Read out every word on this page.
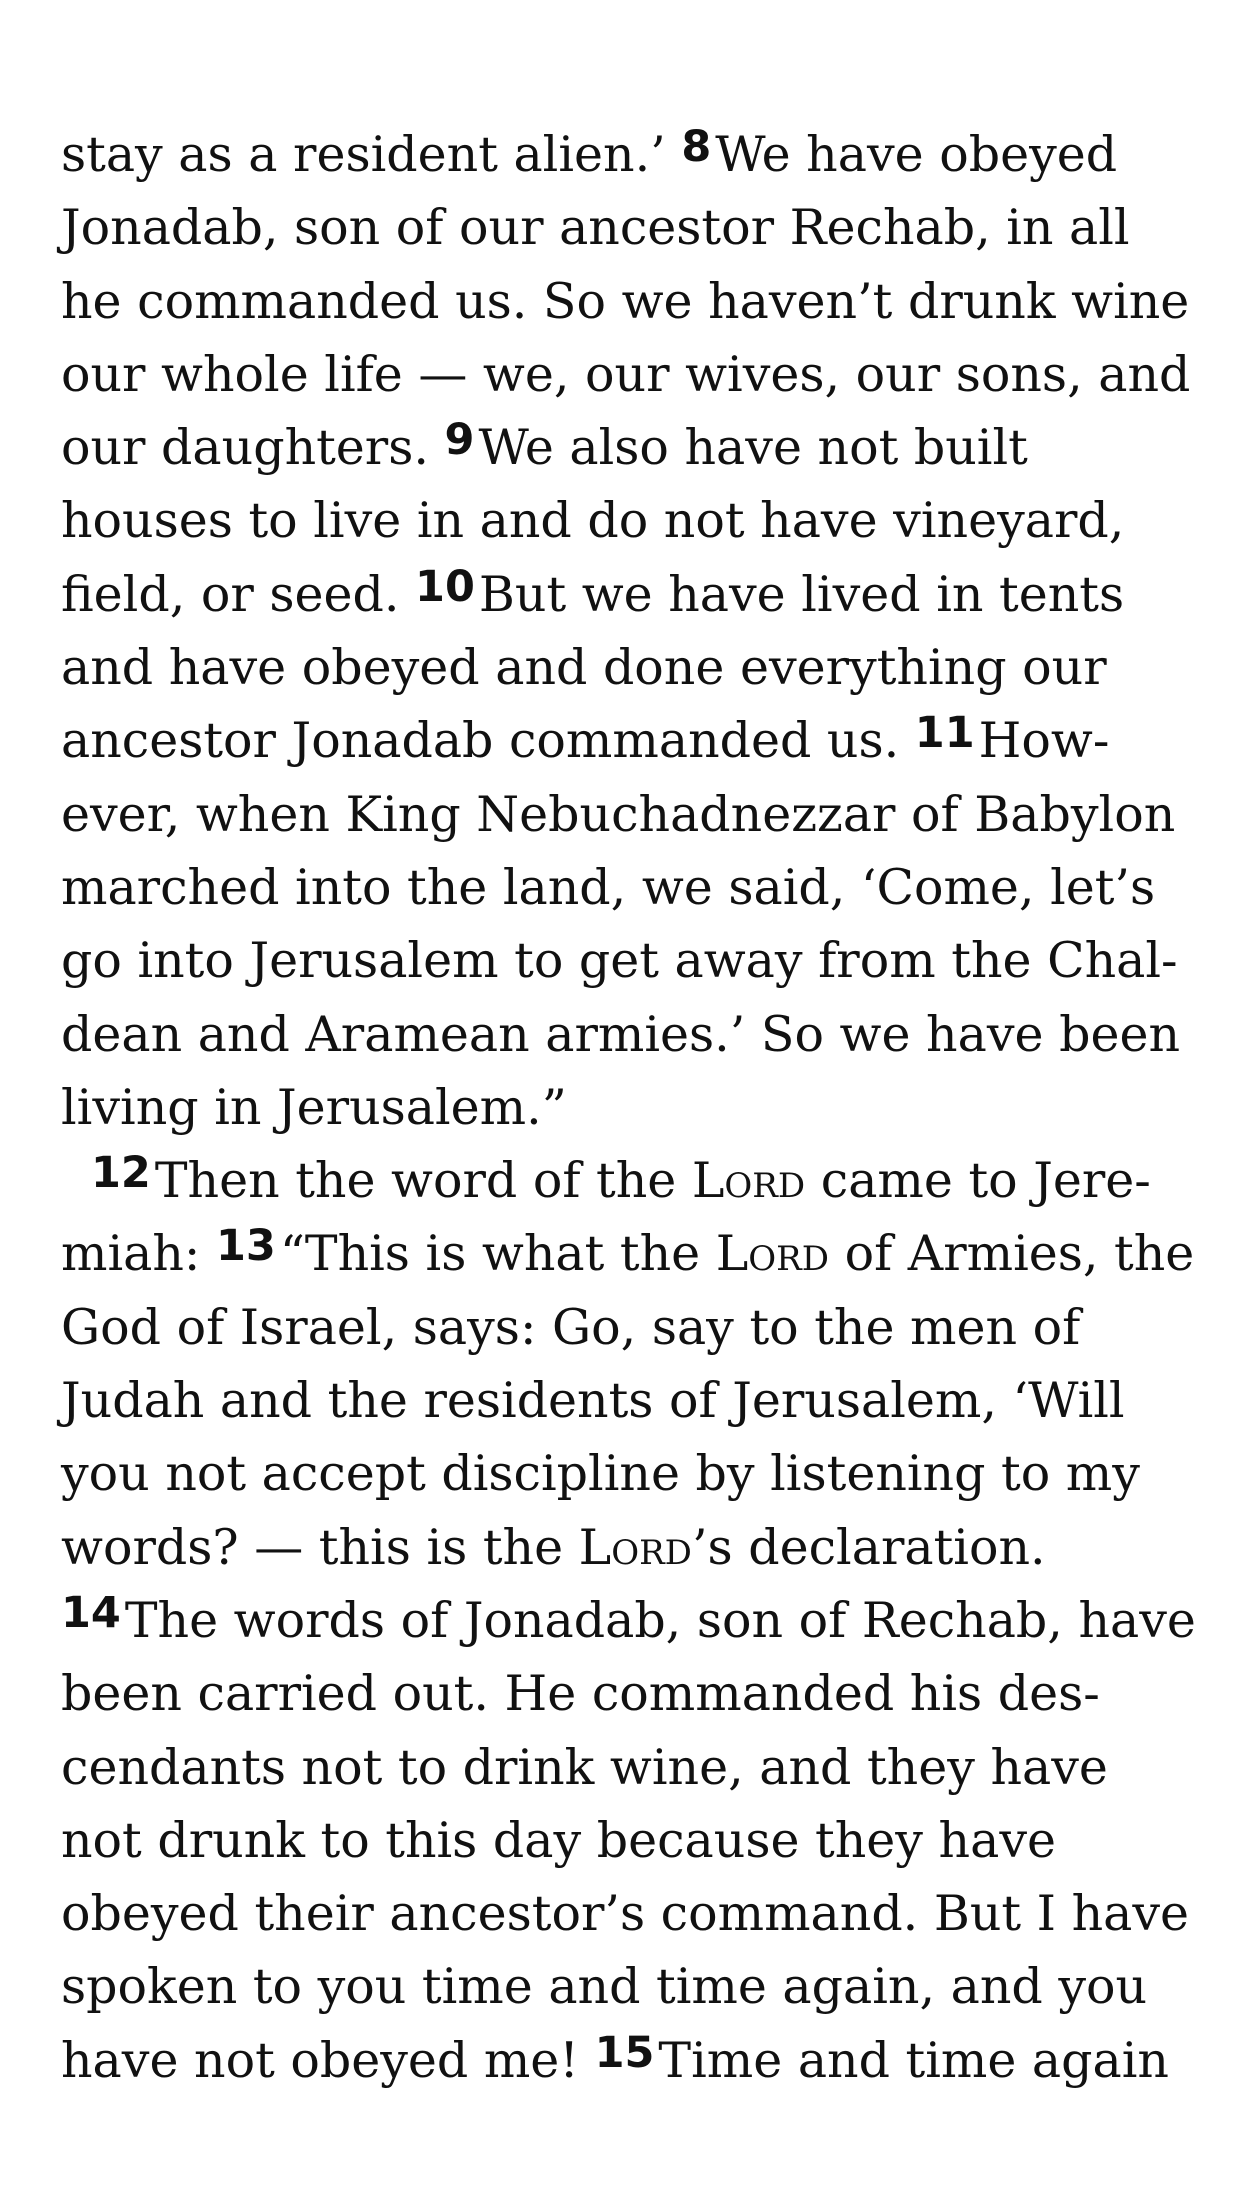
stay as a resident alien.’ 8We have obeyed Jonadab, son of our ancestor Rechab, in all he commanded us. So we haven’t drunk wine our whole life — we, our wives, our sons, and our daughters. 9We also have not built houses to live in and do not have vineyard, field, or seed. 10But we have lived in tents and have obeyed and done everything our ancestor Jonadab commanded us. 11However, when King Nebuchadnezzar of Babylon marched into the land, we said, ‘Come, let’s go into Jerusalem to get away from the Chaldean and Aramean armies.’ So we have been living in Jerusalem.”

12Then the word of the Lord came to Jeremiah: 13“This is what the Lord of Armies, the God of Israel, says: Go, say to the men of Judah and the residents of Jerusalem, ‘Will you not accept discipline by listening to my words? — this is the Lord’s declaration. 14The words of Jonadab, son of Rechab, have been carried out. He commanded his descendants not to drink wine, and they have not drunk to this day because they have obeyed their ancestor’s command. But I have spoken to you time and time again, and you have not obeyed me! 15Time and time again
